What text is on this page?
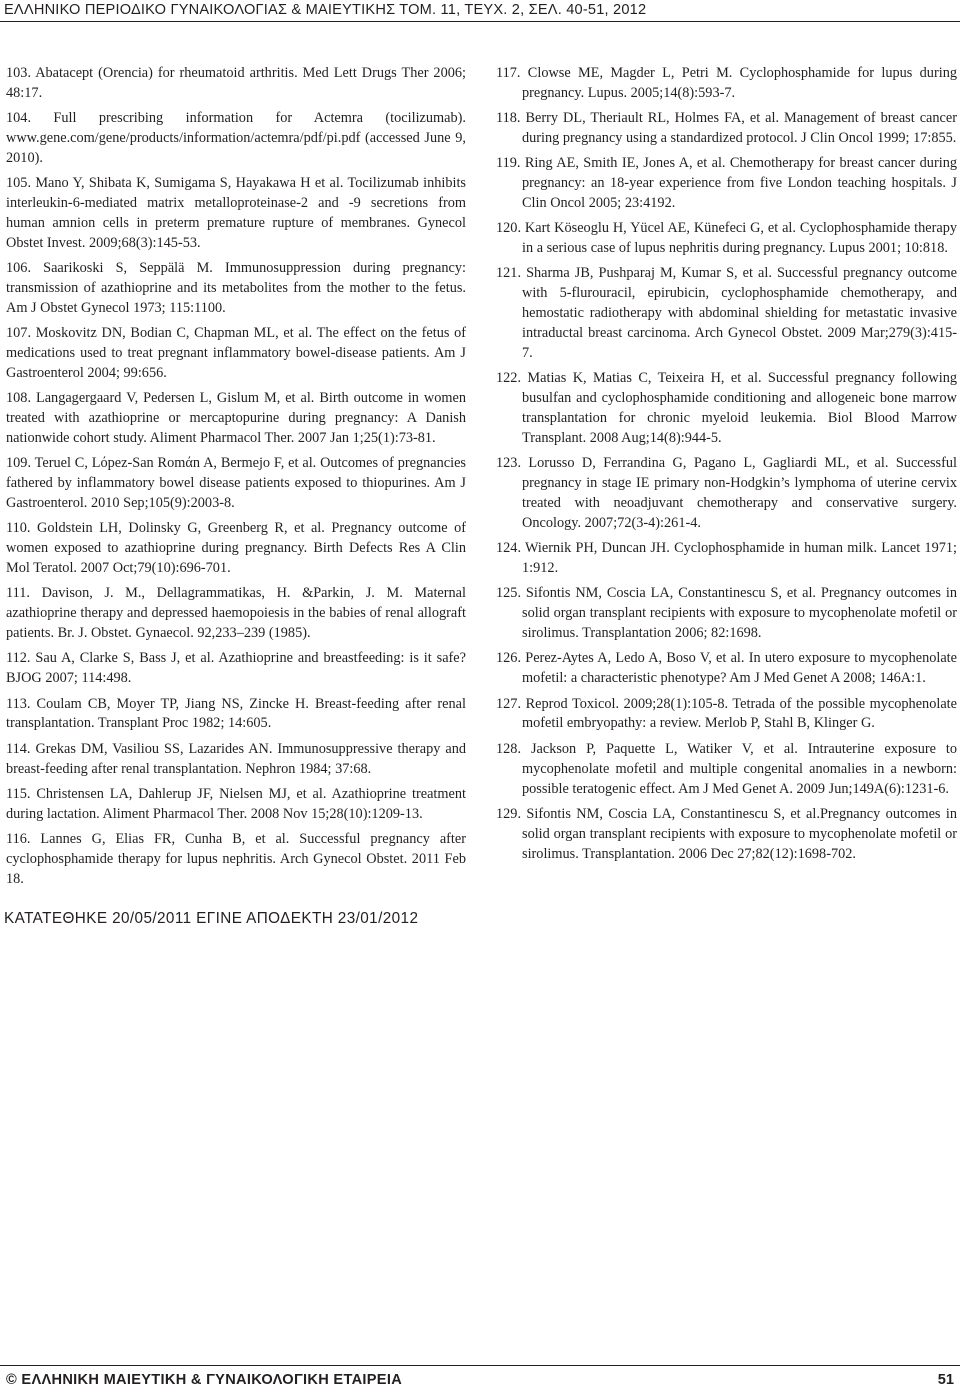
ΕΛΛΗΝΙΚΟ ΠΕΡΙΟΔΙΚΟ ΓΥΝΑΙΚΟΛΟΓΙΑΣ & ΜΑΙΕΥΤΙΚΗΣ ΤΟΜ. 11, ΤΕΥΧ. 2, ΣΕΛ. 40-51, 2012

103. Abatacept (Orencia) for rheumatoid arthritis. Med Lett Drugs Ther 2006; 48:17.

104. Full prescribing information for Actemra (tocilizumab). www.gene.com/gene/products/information/actemra/pdf/pi.pdf (accessed June 9, 2010).

105. Mano Y, Shibata K, Sumigama S, Hayakawa H et al. Tocilizumab inhibits interleukin-6-mediated matrix metalloproteinase-2 and -9 secretions from human amnion cells in preterm premature rupture of membranes. Gynecol Obstet Invest. 2009;68(3):145-53.

106. Saarikoski S, Seppälä M. Immunosuppression during pregnancy: transmission of azathioprine and its metabolites from the mother to the fetus. Am J Obstet Gynecol 1973; 115:1100.

107. Moskovitz DN, Bodian C, Chapman ML, et al. The effect on the fetus of medications used to treat pregnant inflammatory bowel-disease patients. Am J Gastroenterol 2004; 99:656.

108. Langagergaard V, Pedersen L, Gislum M, et al. Birth outcome in women treated with azathioprine or mercaptopurine during pregnancy: A Danish nationwide cohort study. Aliment Pharmacol Ther. 2007 Jan 1;25(1):73-81.

109. Teruel C, Lόpez-San Romάn A, Bermejo F, et al. Outcomes of pregnancies fathered by inflammatory bowel disease patients exposed to thiopurines. Am J Gastroenterol. 2010 Sep;105(9):2003-8.

110. Goldstein LH, Dolinsky G, Greenberg R, et al. Pregnancy outcome of women exposed to azathioprine during pregnancy. Birth Defects Res A Clin Mol Teratol. 2007 Oct;79(10):696-701.

111. Davison, J. M., Dellagrammatikas, H. &Parkin, J. M. Maternal azathioprine therapy and depressed haemopoiesis in the babies of renal allograft patients. Br. J. Obstet. Gynaecol. 92,233–239 (1985).

112. Sau A, Clarke S, Bass J, et al. Azathioprine and breastfeeding: is it safe? BJOG 2007; 114:498.

113. Coulam CB, Moyer TP, Jiang NS, Zincke H. Breast-feeding after renal transplantation. Transplant Proc 1982; 14:605.

114. Grekas DM, Vasiliou SS, Lazarides AN. Immunosuppressive therapy and breast-feeding after renal transplantation. Nephron 1984; 37:68.

115. Christensen LA, Dahlerup JF, Nielsen MJ, et al. Azathioprine treatment during lactation. Aliment Pharmacol Ther. 2008 Nov 15;28(10):1209-13.

116. Lannes G, Elias FR, Cunha B, et al. Successful pregnancy after cyclophosphamide therapy for lupus nephritis. Arch Gynecol Obstet. 2011 Feb 18.

117. Clowse ME, Magder L, Petri M. Cyclophosphamide for lupus during pregnancy. Lupus. 2005;14(8):593-7.

118. Berry DL, Theriault RL, Holmes FA, et al. Management of breast cancer during pregnancy using a standardized protocol. J Clin Oncol 1999; 17:855.

119. Ring AE, Smith IE, Jones A, et al. Chemotherapy for breast cancer during pregnancy: an 18-year experience from five London teaching hospitals. J Clin Oncol 2005; 23:4192.

120. Kart Köseoglu H, Yücel AE, Künefeci G, et al. Cyclophosphamide therapy in a serious case of lupus nephritis during pregnancy. Lupus 2001; 10:818.

121. Sharma JB, Pushparaj M, Kumar S, et al. Successful pregnancy outcome with 5-flurouracil, epirubicin, cyclophosphamide chemotherapy, and hemostatic radiotherapy with abdominal shielding for metastatic invasive intraductal breast carcinoma. Arch Gynecol Obstet. 2009 Mar;279(3):415-7.

122. Matias K, Matias C, Teixeira H, et al. Successful pregnancy following busulfan and cyclophosphamide conditioning and allogeneic bone marrow transplantation for chronic myeloid leukemia. Biol Blood Marrow Transplant. 2008 Aug;14(8):944-5.

123. Lorusso D, Ferrandina G, Pagano L, Gagliardi ML, et al. Successful pregnancy in stage IE primary non-Hodgkin’s lymphoma of uterine cervix treated with neoadjuvant chemotherapy and conservative surgery. Oncology. 2007;72(3-4):261-4.

124. Wiernik PH, Duncan JH. Cyclophosphamide in human milk. Lancet 1971; 1:912.

125. Sifontis NM, Coscia LA, Constantinescu S, et al. Pregnancy outcomes in solid organ transplant recipients with exposure to mycophenolate mofetil or sirolimus. Transplantation 2006; 82:1698.

126. Perez-Aytes A, Ledo A, Boso V, et al. In utero exposure to mycophenolate mofetil: a characteristic phenotype? Am J Med Genet A 2008; 146A:1.

127. Reprod Toxicol. 2009;28(1):105-8. Tetrada of the possible mycophenolate mofetil embryopathy: a review. Merlob P, Stahl B, Klinger G.

128. Jackson P, Paquette L, Watiker V, et al. Intrauterine exposure to mycophenolate mofetil and multiple congenital anomalies in a newborn: possible teratogenic effect. Am J Med Genet A. 2009 Jun;149A(6):1231-6.

129. Sifontis NM, Coscia LA, Constantinescu S, et al.Pregnancy outcomes in solid organ transplant recipients with exposure to mycophenolate mofetil or sirolimus. Transplantation. 2006 Dec 27;82(12):1698-702.

ΚΑΤΑΤΕΘΗΚΕ 20/05/2011 ΕΓΙΝΕ ΑΠΟΔΕΚΤΗ 23/01/2012
© ΕΛΛΗΝΙΚΗ ΜΑΙΕΥΤΙΚΗ & ΓΥΝΑΙΚΟΛΟΓΙΚΗ ΕΤΑΙΡΕΙΑ	51
